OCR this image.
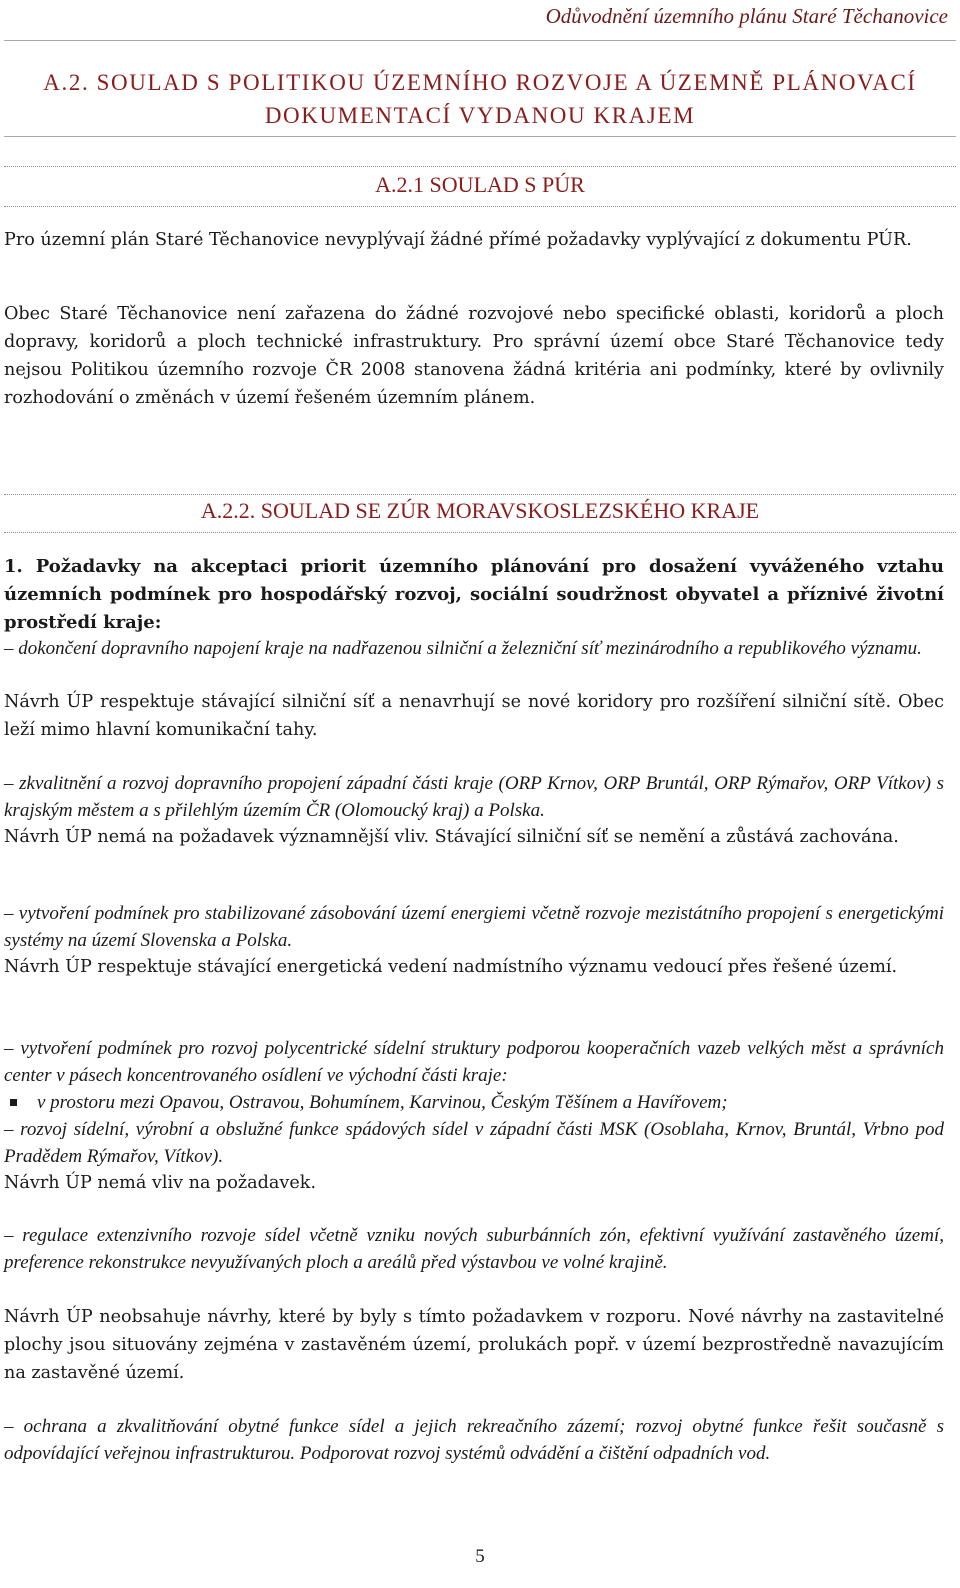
Odůvodnění územního plánu Staré Těchanovice
A.2. SOULAD S POLITIKOU ÚZEMNÍHO ROZVOJE A ÚZEMNĚ PLÁNOVACÍ
DOKUMENTACÍ VYDANOU KRAJEM
A.2.1 SOULAD S PÚR

Pro územní plán Staré Těchanovice nevyplývají žádné přímé požadavky vyplývající z dokumentu PÚR.

Obec Staré Těchanovice není zařazena do žádné rozvojové nebo specifické oblasti, koridorů a ploch dopravy, koridorů a ploch technické infrastruktury. Pro správní území obce Staré Těchanovice tedy nejsou Politikou územního rozvoje ČR 2008 stanovena žádná kritéria ani podmínky, které by ovlivnily rozhodování o změnách v území řešeném územním plánem.

A.2.2. SOULAD SE ZÚR MORAVSKOSLEZSKÉHO KRAJE

1. Požadavky na akceptaci priorit územního plánování pro dosažení vyváženého vztahu územních podmínek pro hospodářský rozvoj, sociální soudržnost obyvatel a příznivé životní prostředí kraje:

– dokončení dopravního napojení kraje na nadřazenou silniční a železniční síť mezinárodního a republikového významu.

Návrh ÚP respektuje stávající silniční síť a nenavrhují se nové koridory pro rozšíření silniční sítě. Obec leží mimo hlavní komunikační tahy.

– zkvalitnění a rozvoj dopravního propojení západní části kraje (ORP Krnov, ORP Bruntál, ORP Rýmařov, ORP Vítkov) s krajským městem a s přilehlým územím ČR (Olomoucký kraj) a Polska.

Návrh ÚP nemá na požadavek významnější vliv. Stávající silniční síť se nemění a zůstává zachována.

– vytvoření podmínek pro stabilizované zásobování území energiemi včetně rozvoje mezistátního propojení s energetickými systémy na území Slovenska a Polska.

Návrh ÚP respektuje stávající energetická vedení nadmístního významu vedoucí přes řešené území.

– vytvoření podmínek pro rozvoj polycentrické sídelní struktury podporou kooperačních vazeb velkých měst a správních center v pásech koncentrovaného osídlení ve východní části kraje:

v prostoru mezi Opavou, Ostravou, Bohumínem, Karvinou, Českým Těšínem a Havířovem;

– rozvoj sídelní, výrobní a obslužné funkce spádových sídel v západní části MSK (Osoblaha, Krnov, Bruntál, Vrbno pod Pradědem Rýmařov, Vítkov).

Návrh ÚP nemá vliv na požadavek.

– regulace extenzivního rozvoje sídel včetně vzniku nových suburbánních zón, efektivní využívání zastavěného území, preference rekonstrukce nevyužívaných ploch a areálů před výstavbou ve volné krajině.

Návrh ÚP neobsahuje návrhy, které by byly s tímto požadavkem v rozporu. Nové návrhy na zastavitelné plochy jsou situovány zejména v zastavěném území, prolukách popř. v území bezprostředně navazujícím na zastavěné území.

– ochrana a zkvalitňování obytné funkce sídel a jejich rekreačního zázemí; rozvoj obytné funkce řešit současně s odpovídající veřejnou infrastrukturou. Podporovat rozvoj systémů odvádění a čištění odpadních vod.

5
